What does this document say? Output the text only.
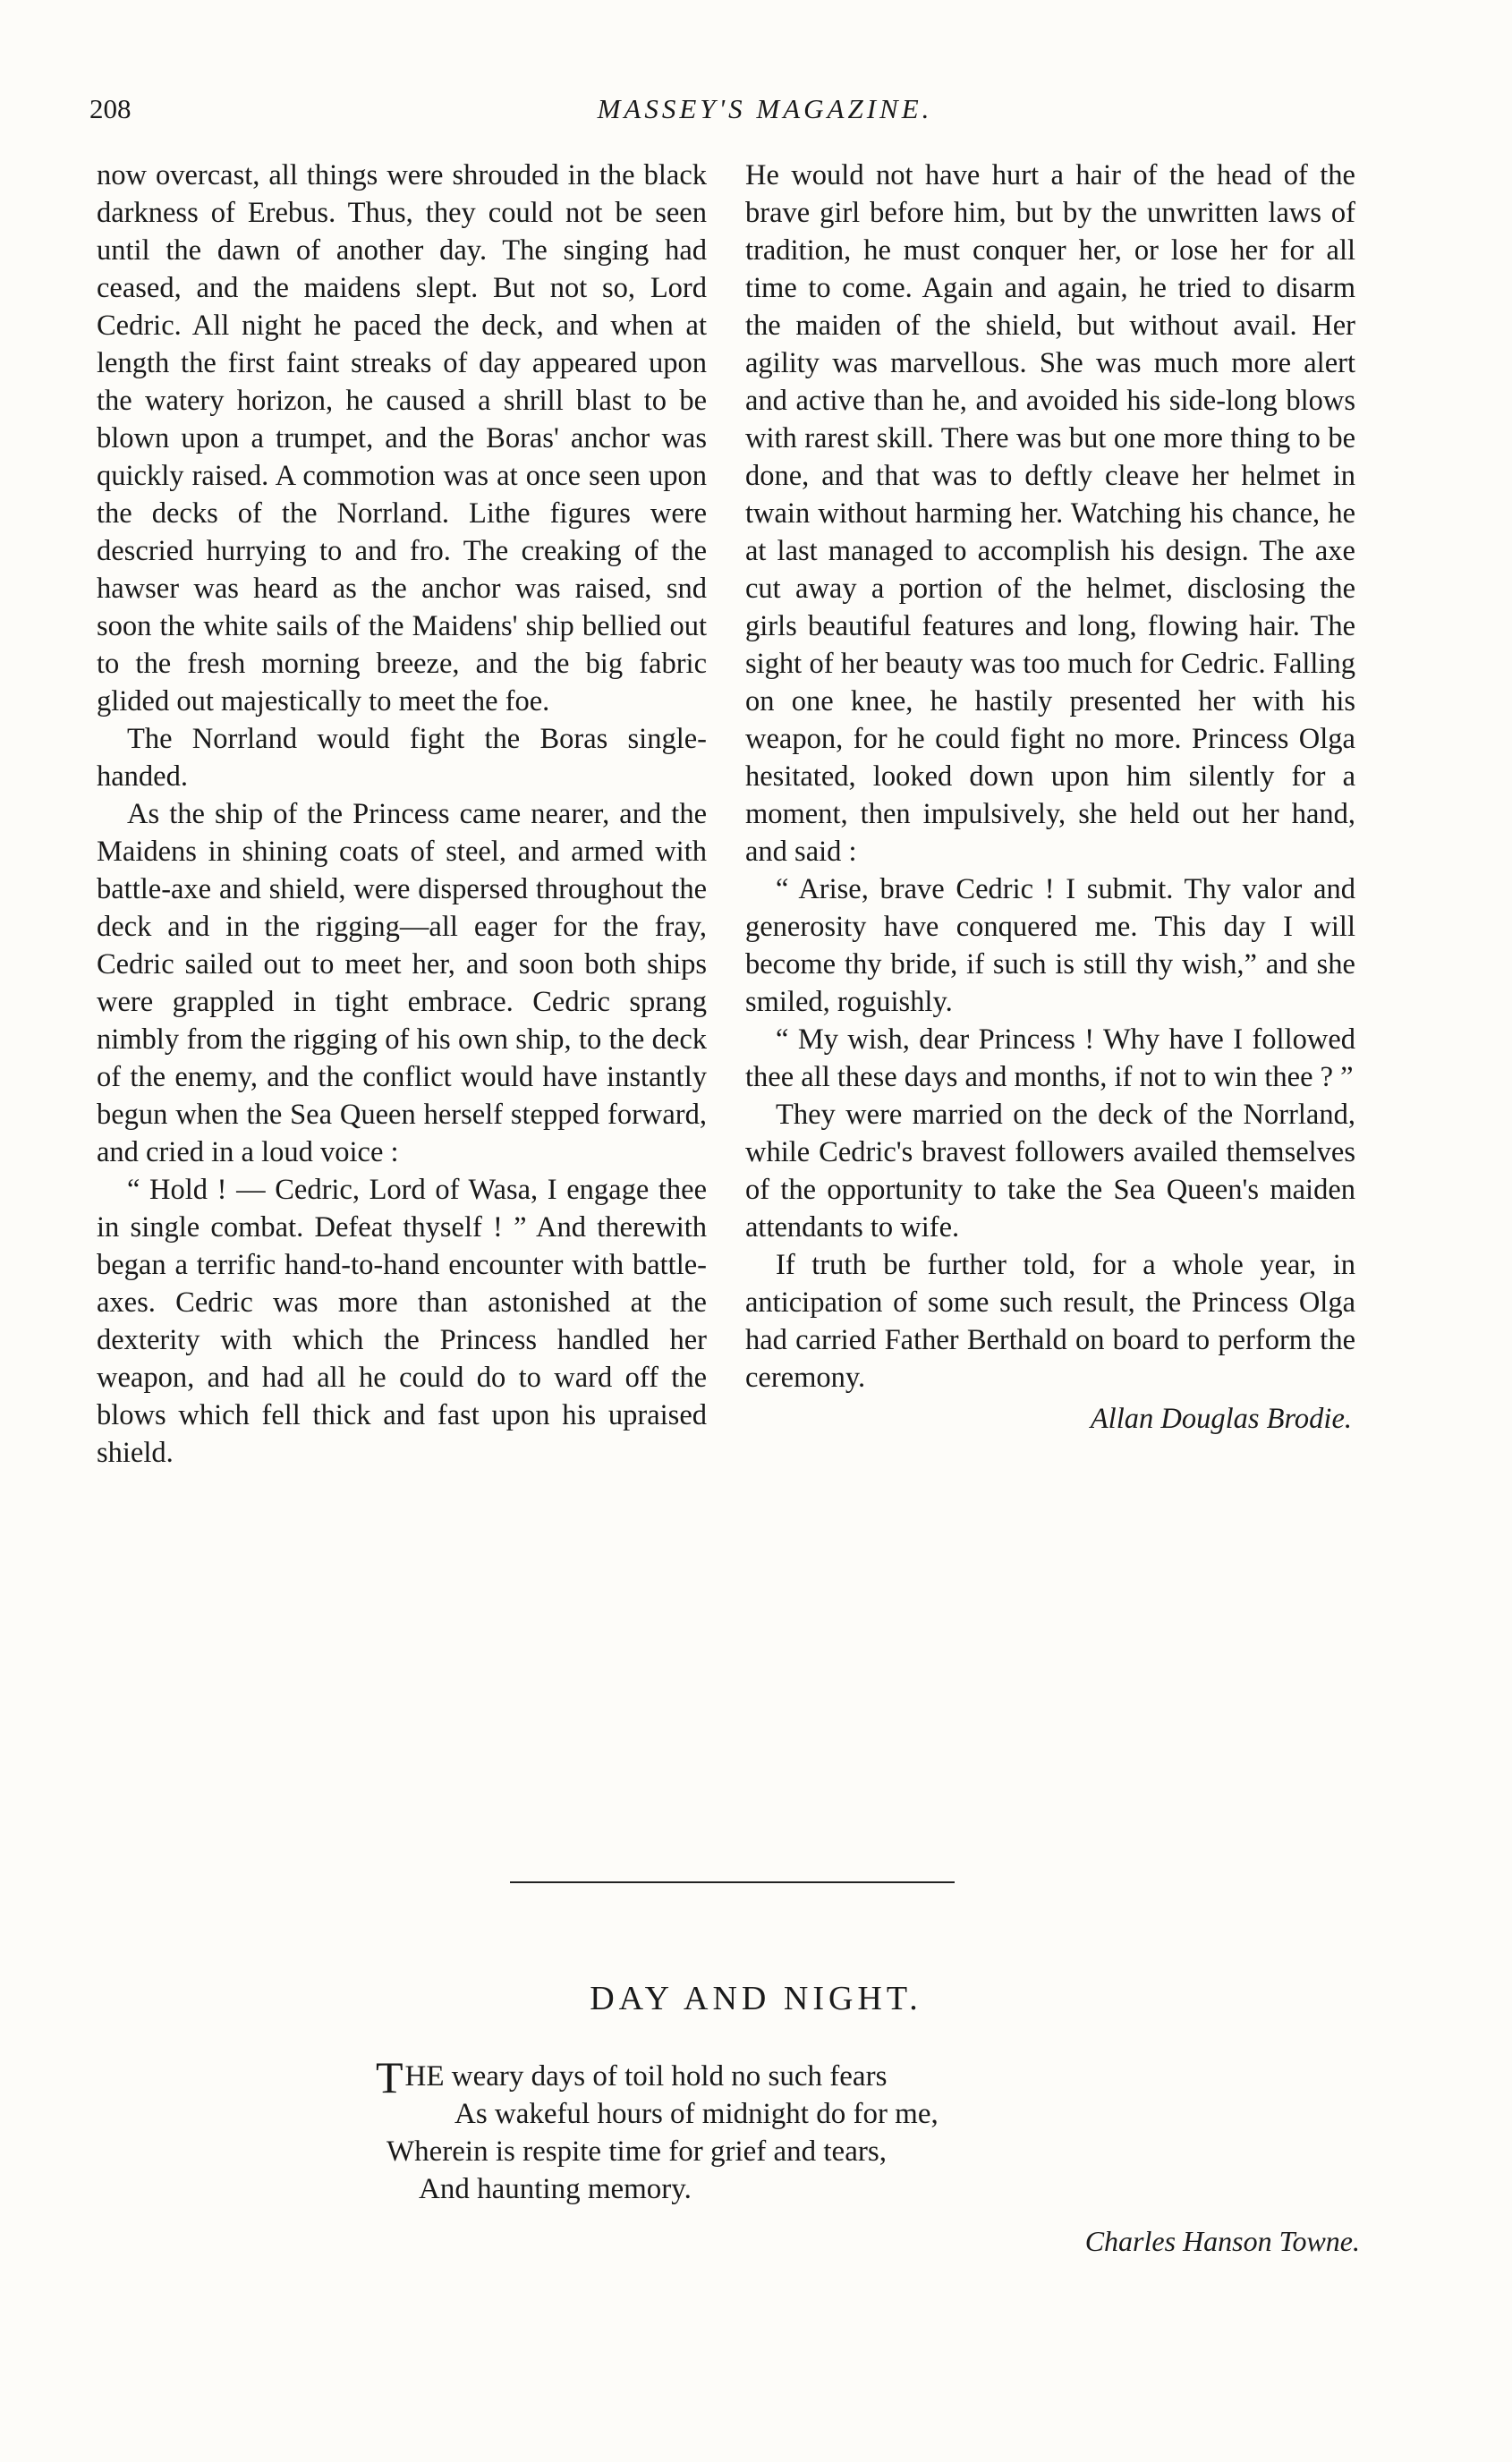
208	MASSEY'S MAGAZINE.

now overcast, all things were shrouded in the black darkness of Erebus. Thus, they could not be seen until the dawn of another day. The singing had ceased, and the maidens slept. But not so, Lord Cedric. All night he paced the deck, and when at length the first faint streaks of day appeared upon the watery horizon, he caused a shrill blast to be blown upon a trumpet, and the Boras' anchor was quickly raised. A commotion was at once seen upon the decks of the Norrland. Lithe figures were descried hurrying to and fro. The creaking of the hawser was heard as the anchor was raised, snd soon the white sails of the Maidens' ship bellied out to the fresh morning breeze, and the big fabric glided out majestically to meet the foe.

The Norrland would fight the Boras single-handed.

As the ship of the Princess came nearer, and the Maidens in shining coats of steel, and armed with battle-axe and shield, were dispersed throughout the deck and in the rigging—all eager for the fray, Cedric sailed out to meet her, and soon both ships were grappled in tight embrace. Cedric sprang nimbly from the rigging of his own ship, to the deck of the enemy, and the conflict would have instantly begun when the Sea Queen herself stepped forward, and cried in a loud voice :

“ Hold ! — Cedric, Lord of Wasa, I engage thee in single combat. Defeat thyself ! ” And therewith began a terrific hand-to-hand encounter with battle-axes. Cedric was more than astonished at the dexterity with which the Princess handled her weapon, and had all he could do to ward off the blows which fell thick and fast upon his upraised shield.

He would not have hurt a hair of the head of the brave girl before him, but by the unwritten laws of tradition, he must conquer her, or lose her for all time to come. Again and again, he tried to disarm the maiden of the shield, but without avail. Her agility was marvellous. She was much more alert and active than he, and avoided his side-long blows with rarest skill. There was but one more thing to be done, and that was to deftly cleave her helmet in twain without harming her. Watching his chance, he at last managed to accomplish his design. The axe cut away a portion of the helmet, disclosing the girls beautiful features and long, flowing hair. The sight of her beauty was too much for Cedric. Falling on one knee, he hastily presented her with his weapon, for he could fight no more. Princess Olga hesitated, looked down upon him silently for a moment, then impulsively, she held out her hand, and said :

“ Arise, brave Cedric ! I submit. Thy valor and generosity have conquered me. This day I will become thy bride, if such is still thy wish,” and she smiled, roguishly.

“ My wish, dear Princess ! Why have I followed thee all these days and months, if not to win thee ? ”

They were married on the deck of the Norrland, while Cedric's bravest followers availed themselves of the opportunity to take the Sea Queen's maiden attendants to wife.

If truth be further told, for a whole year, in anticipation of some such result, the Princess Olga had carried Father Berthald on board to perform the ceremony.

Allan Douglas Brodie.
DAY AND NIGHT.
THE weary days of toil hold no such fears
As wakeful hours of midnight do for me,
Wherein is respite time for grief and tears,
And haunting memory.
Charles Hanson Towne.
